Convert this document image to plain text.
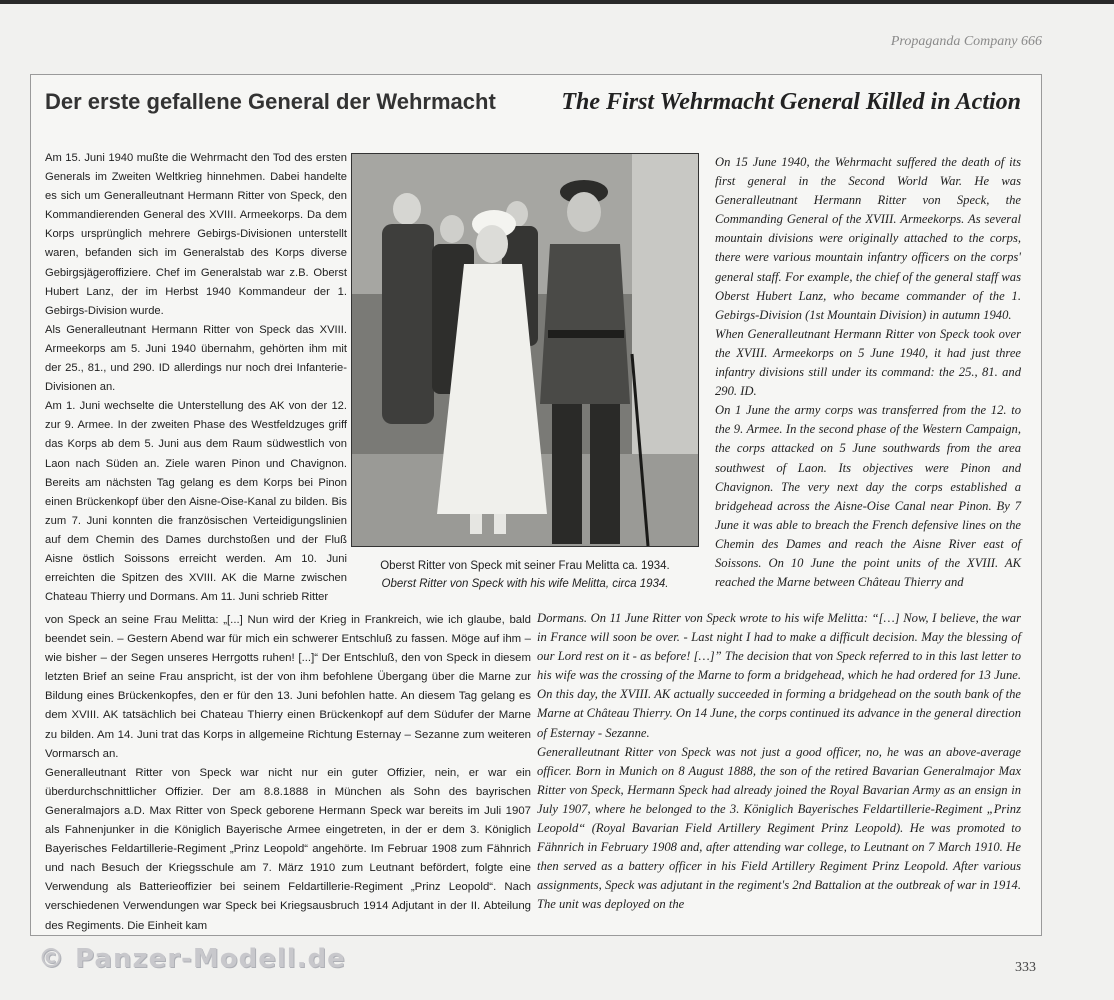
Propaganda Company 666
Der erste gefallene General der Wehrmacht	The First Wehrmacht General Killed in Action

Am 15. Juni 1940 mußte die Wehrmacht den Tod des ersten Generals im Zweiten Weltkrieg hinnehmen. Dabei handelte es sich um Generalleutnant Hermann Ritter von Speck, den Kommandierenden General des XVIII. Armeekorps. Da dem Korps ursprünglich mehrere Gebirgs-Divisionen unterstellt waren, befanden sich im Generalstab des Korps diverse Gebirgsjägeroffiziere. Chef im Generalstab war z.B. Oberst Hubert Lanz, der im Herbst 1940 Kommandeur der 1. Gebirgs-Division wurde.

Als Generalleutnant Hermann Ritter von Speck das XVIII. Armeekorps am 5. Juni 1940 übernahm, gehörten ihm mit der 25., 81., und 290. ID allerdings nur noch drei Infanterie-Divisionen an.

Am 1. Juni wechselte die Unterstellung des AK von der 12. zur 9. Armee. In der zweiten Phase des Westfeldzuges griff das Korps ab dem 5. Juni aus dem Raum südwestlich von Laon nach Süden an. Ziele waren Pinon und Chavignon. Bereits am nächsten Tag gelang es dem Korps bei Pinon einen Brückenkopf über den Aisne-Oise-Kanal zu bilden. Bis zum 7. Juni konnten die französischen Verteidigungslinien auf dem Chemin des Dames durchstoßen und der Fluß Aisne östlich Soissons erreicht werden. Am 10. Juni erreichten die Spitzen des XVIII. AK die Marne zwischen Chateau Thierry und Dormans. Am 11. Juni schrieb Ritter

Oberst Ritter von Speck mit seiner Frau Melitta ca. 1934.
Oberst Ritter von Speck with his wife Melitta, circa 1934.

On 15 June 1940, the Wehrmacht suffered the death of its first general in the Second World War. He was Generalleutnant Hermann Ritter von Speck, the Commanding General of the XVIII. Armeekorps. As several mountain divisions were originally attached to the corps, there were various mountain infantry officers on the corps' general staff. For example, the chief of the general staff was Oberst Hubert Lanz, who became commander of the 1. Gebirgs-Division (1st Mountain Division) in autumn 1940.

When Generalleutnant Hermann Ritter von Speck took over the XVIII. Armeekorps on 5 June 1940, it had just three infantry divisions still under its command: the 25., 81. and 290. ID.

On 1 June the army corps was transferred from the 12. to the 9. Armee. In the second phase of the Western Campaign, the corps attacked on 5 June southwards from the area southwest of Laon. Its objectives were Pinon and Chavignon. The very next day the corps established a bridgehead across the Aisne-Oise Canal near Pinon. By 7 June it was able to breach the French defensive lines on the Chemin des Dames and reach the Aisne River east of Soissons. On 10 June the point units of the XVIII. AK reached the Marne between Château Thierry and

von Speck an seine Frau Melitta: „[...] Nun wird der Krieg in Frankreich, wie ich glaube, bald beendet sein. – Gestern Abend war für mich ein schwerer Entschluß zu fassen. Möge auf ihm – wie bisher – der Segen unseres Herrgotts ruhen! [...]“ Der Entschluß, den von Speck in diesem letzten Brief an seine Frau anspricht, ist der von ihm befohlene Übergang über die Marne zur Bildung eines Brückenkopfes, den er für den 13. Juni befohlen hatte. An diesem Tag gelang es dem XVIII. AK tatsächlich bei Chateau Thierry einen Brückenkopf auf dem Südufer der Marne zu bilden. Am 14. Juni trat das Korps in allgemeine Richtung Esternay – Sezanne zum weiteren Vormarsch an.

Generalleutnant Ritter von Speck war nicht nur ein guter Offizier, nein, er war ein überdurchschnittlicher Offizier. Der am 8.8.1888 in München als Sohn des bayrischen Generalmajors a.D. Max Ritter von Speck geborene Hermann Speck war bereits im Juli 1907 als Fahnenjunker in die Königlich Bayerische Armee eingetreten, in der er dem 3. Königlich Bayerisches Feldartillerie-Regiment „Prinz Leopold“ angehörte. Im Februar 1908 zum Fähnrich und nach Besuch der Kriegsschule am 7. März 1910 zum Leutnant befördert, folgte eine Verwendung als Batterieoffizier bei seinem Feldartillerie-Regiment „Prinz Leopold“. Nach verschiedenen Verwendungen war Speck bei Kriegsausbruch 1914 Adjutant in der II. Abteilung des Regiments. Die Einheit kam

Dormans. On 11 June Ritter von Speck wrote to his wife Melitta: “[…] Now, I believe, the war in France will soon be over. - Last night I had to make a difficult decision. May the blessing of our Lord rest on it - as before! […]” The decision that von Speck referred to in this last letter to his wife was the crossing of the Marne to form a bridgehead, which he had ordered for 13 June. On this day, the XVIII. AK actually succeeded in forming a bridgehead on the south bank of the Marne at Château Thierry. On 14 June, the corps continued its advance in the general direction of Esternay - Sezanne.

Generalleutnant Ritter von Speck was not just a good officer, no, he was an above-average officer. Born in Munich on 8 August 1888, the son of the retired Bavarian Generalmajor Max Ritter von Speck, Hermann Speck had already joined the Royal Bavarian Army as an ensign in July 1907, where he belonged to the 3. Königlich Bayerisches Feldartillerie-Regiment „Prinz Leopold“ (Royal Bavarian Field Artillery Regiment Prinz Leopold). He was promoted to Fähnrich in February 1908 and, after attending war college, to Leutnant on 7 March 1910. He then served as a battery officer in his Field Artillery Regiment Prinz Leopold. After various assignments, Speck was adjutant in the regiment's 2nd Battalion at the outbreak of war in 1914. The unit was deployed on the

© Panzer-Modell.de	333
